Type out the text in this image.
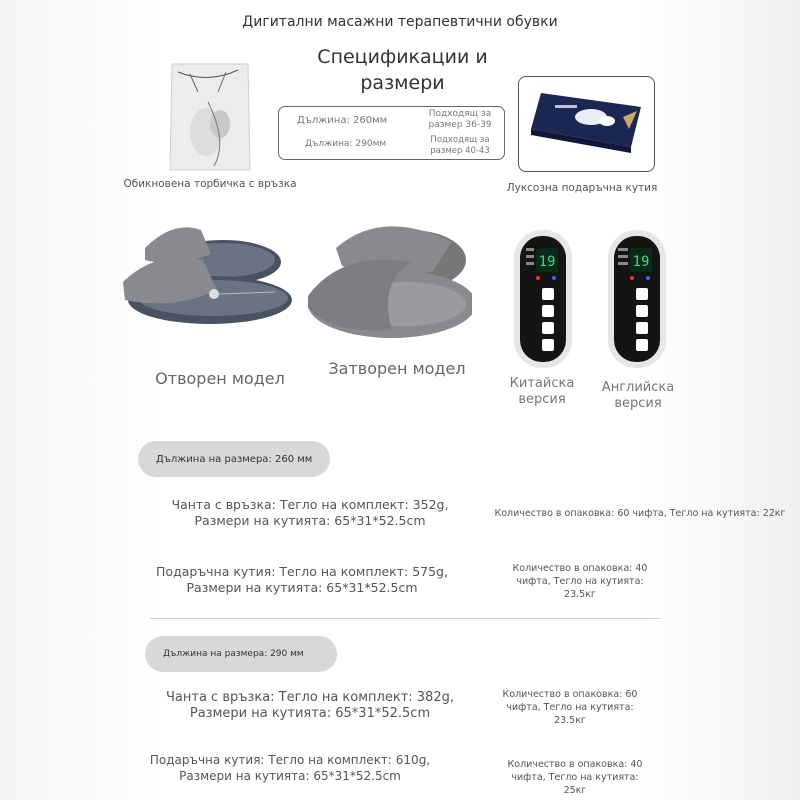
Дигитални масажни терапевтични обувки
Спецификации и размери
Обикновена торбичка с връзка
Дължина: 260мм
Подходящ за размер 36-39
Дължина: 290мм	Подходящ за размер 40-43
Луксозна подаръчна кутия
Отворен модел
Затворен модел
19
Китайска версия
19
Английска версия
Дължина на размера: 260 мм
Чанта с връзка: Тегло на комплект: 352g, Размери на кутията: 65*31*52.5cm	Количество в опаковка: 60 чифта, Тегло на кутията: 22кг
Подаръчна кутия: Тегло на комплект: 575g, Размери на кутията: 65*31*52.5cm
Количество в опаковка: 40 чифта, Тегло на кутията: 23.5кг
Дължина на размера: 290 мм
Чанта с връзка: Тегло на комплект: 382g, Размери на кутията: 65*31*52.5cm
Количество в опаковка: 60 чифта, Тегло на кутията: 23.5кг
Подаръчна кутия: Тегло на комплект: 610g, Размери на кутията: 65*31*52.5cm
Количество в опаковка: 40 чифта, Тегло на кутията: 25кг
